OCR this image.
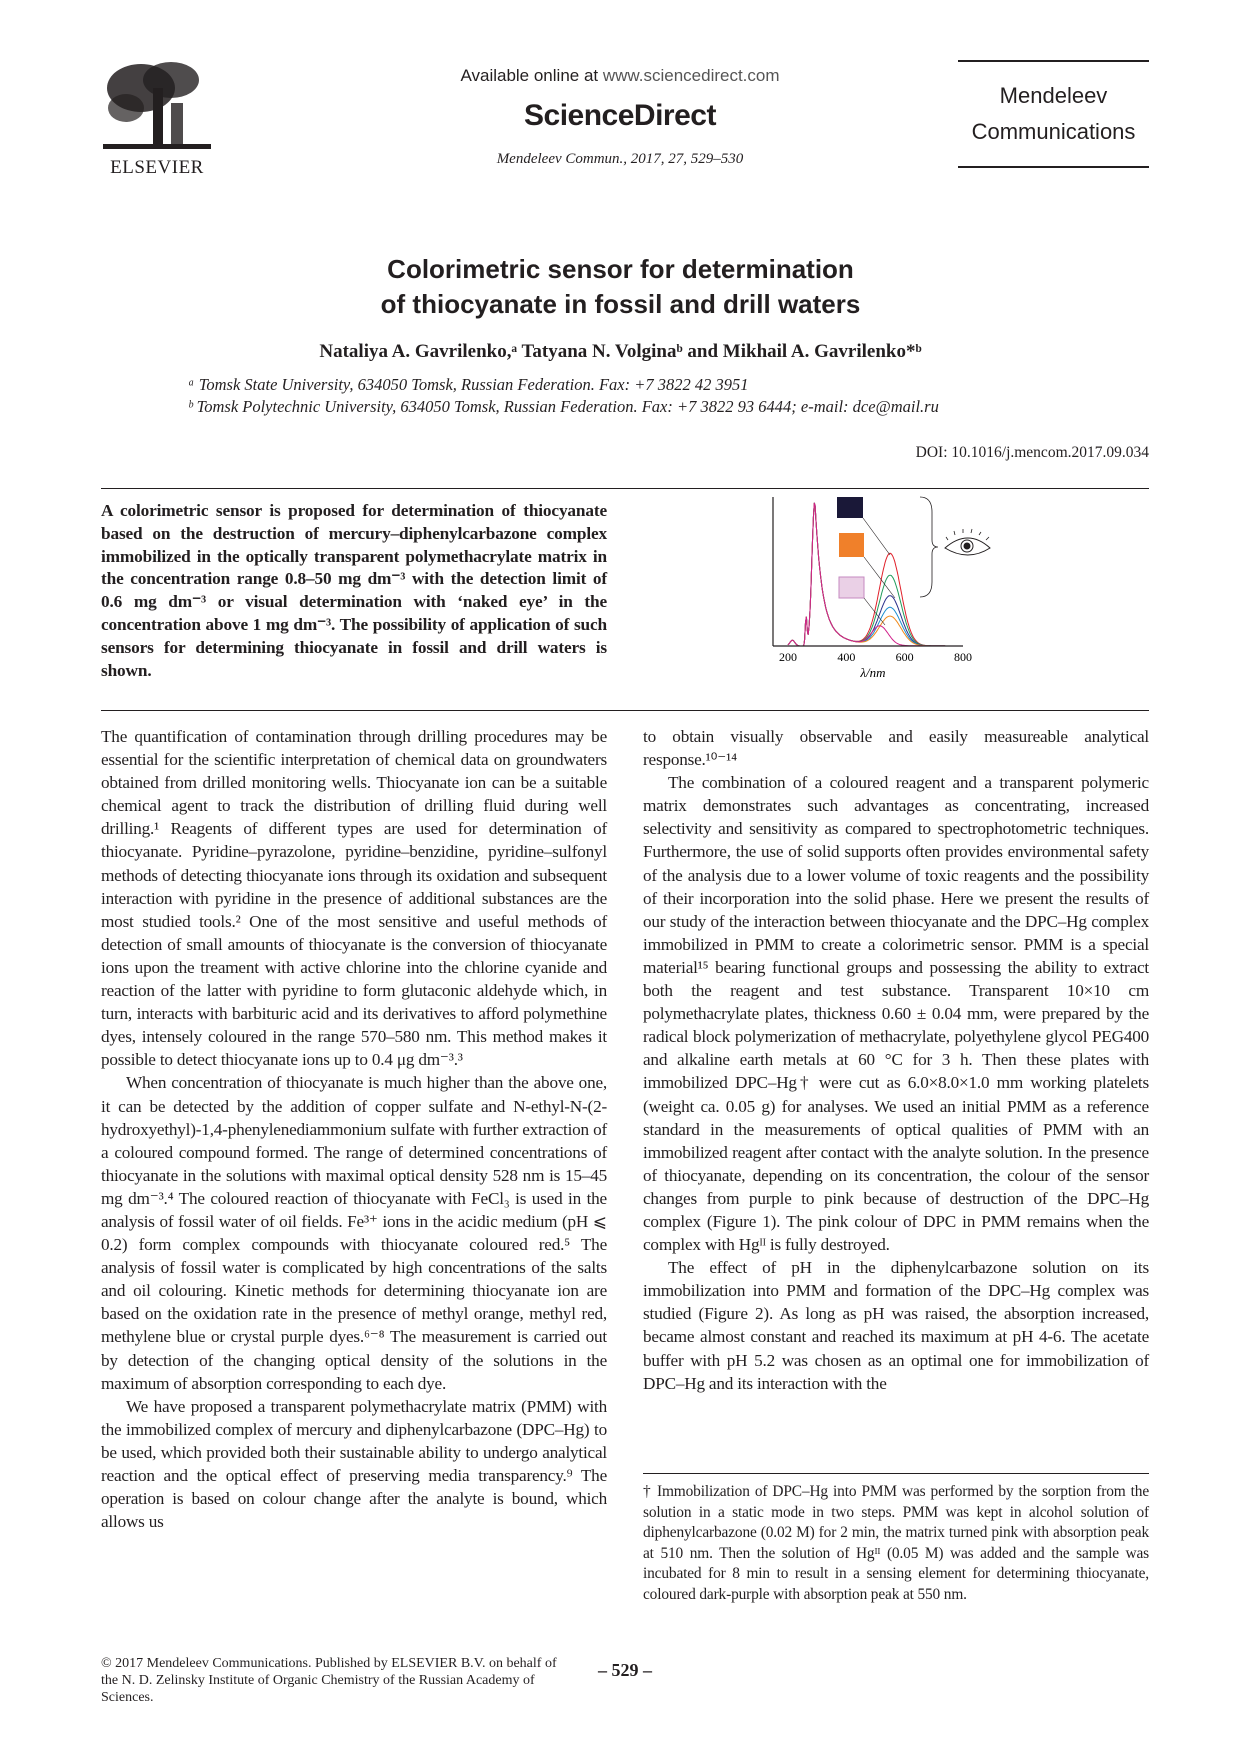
ELSEVIER
Available online at www.sciencedirect.com
ScienceDirect
Mendeleev Commun., 2017, 27, 529–530
Mendeleev
Communications
Colorimetric sensor for determination
of thiocyanate in fossil and drill waters
Nataliya A. Gavrilenko,ᵃ Tatyana N. Volginaᵇ and Mikhail A. Gavrilenko*ᵇ
ᵃ Tomsk State University, 634050 Tomsk, Russian Federation. Fax: +7 3822 42 3951
ᵇ Tomsk Polytechnic University, 634050 Tomsk, Russian Federation. Fax: +7 3822 93 6444; e-mail: dce@mail.ru
DOI: 10.1016/j.mencom.2017.09.034
A colorimetric sensor is proposed for determination of thiocyanate based on the destruction of mercury–diphenylcarbazone complex immobilized in the optically transparent polymethacrylate matrix in the concentration range 0.8–50 mg dm⁻³ with the detection limit of 0.6 mg dm⁻³ or visual determination with ‘naked eye’ in the concentration above 1 mg dm⁻³. The possibility of application of such sensors for determining thiocyanate in fossil and drill waters is shown.
200	400	600	800
λ/nm

The quantification of contamination through drilling procedures may be essential for the scientific interpretation of chemical data on groundwaters obtained from drilled monitoring wells. Thiocyanate ion can be a suitable chemical agent to track the distribution of drilling fluid during well drilling.¹ Reagents of different types are used for determination of thiocyanate. Pyridine–pyrazolone, pyridine–benzidine, pyridine–sulfonyl methods of detecting thiocyanate ions through its oxidation and subsequent interaction with pyridine in the presence of additional substances are the most studied tools.² One of the most sensitive and useful methods of detection of small amounts of thiocyanate is the conversion of thiocyanate ions upon the treament with active chlorine into the chlorine cyanide and reaction of the latter with pyridine to form glutaconic aldehyde which, in turn, interacts with barbituric acid and its derivatives to afford polymethine dyes, intensely coloured in the range 570–580 nm. This method makes it possible to detect thiocyanate ions up to 0.4 μg dm⁻³.³

When concentration of thiocyanate is much higher than the above one, it can be detected by the addition of copper sulfate and N-ethyl-N-(2-hydroxyethyl)-1,4-phenylenediammonium sulfate with further extraction of a coloured compound formed. The range of determined concentrations of thiocyanate in the solutions with maximal optical density 528 nm is 15–45 mg dm⁻³.⁴ The coloured reaction of thiocyanate with FeCl₃ is used in the analysis of fossil water of oil fields. Fe³⁺ ions in the acidic medium (pH ⩽ 0.2) form complex compounds with thiocyanate coloured red.⁵ The analysis of fossil water is complicated by high concentrations of the salts and oil colouring. Kinetic methods for determining thiocyanate ion are based on the oxidation rate in the presence of methyl orange, methyl red, methylene blue or crystal purple dyes.⁶⁻⁸ The measurement is carried out by detection of the changing optical density of the solutions in the maximum of absorption corresponding to each dye.

We have proposed a transparent polymethacrylate matrix (PMM) with the immobilized complex of mercury and diphenylcarbazone (DPC–Hg) to be used, which provided both their sustainable ability to undergo analytical reaction and the optical effect of preserving media transparency.⁹ The operation is based on colour change after the analyte is bound, which allows us

to obtain visually observable and easily measureable analytical response.¹⁰⁻¹⁴

The combination of a coloured reagent and a transparent polymeric matrix demonstrates such advantages as concentrating, increased selectivity and sensitivity as compared to spectrophotometric techniques. Furthermore, the use of solid supports often provides environmental safety of the analysis due to a lower volume of toxic reagents and the possibility of their incorporation into the solid phase. Here we present the results of our study of the interaction between thiocyanate and the DPC–Hg complex immobilized in PMM to create a colorimetric sensor. PMM is a special material¹⁵ bearing functional groups and possessing the ability to extract both the reagent and test substance. Transparent 10×10 cm polymethacrylate plates, thickness 0.60 ± 0.04 mm, were prepared by the radical block polymerization of methacrylate, polyethylene glycol PEG400 and alkaline earth metals at 60 °C for 3 h. Then these plates with immobilized DPC–Hg† were cut as 6.0×8.0×1.0 mm working platelets (weight ca. 0.05 g) for analyses. We used an initial PMM as a reference standard in the measurements of optical qualities of PMM with an immobilized reagent after contact with the analyte solution. In the presence of thiocyanate, depending on its concentration, the colour of the sensor changes from purple to pink because of destruction of the DPC–Hg complex (Figure 1). The pink colour of DPC in PMM remains when the complex with Hgᴵᴵ is fully destroyed.

The effect of pH in the diphenylcarbazone solution on its immobilization into PMM and formation of the DPC–Hg complex was studied (Figure 2). As long as pH was raised, the absorption increased, became almost constant and reached its maximum at pH 4-6. The acetate buffer with pH 5.2 was chosen as an optimal one for immobilization of DPC–Hg and its interaction with the

† Immobilization of DPC–Hg into PMM was performed by the sorption from the solution in a static mode in two steps. PMM was kept in alcohol solution of diphenylcarbazone (0.02 M) for 2 min, the matrix turned pink with absorption peak at 510 nm. Then the solution of Hgᴵᴵ (0.05 M) was added and the sample was incubated for 8 min to result in a sensing element for determining thiocyanate, coloured dark-purple with absorption peak at 550 nm.
© 2017 Mendeleev Communications. Published by ELSEVIER B.V. on behalf of the N. D. Zelinsky Institute of Organic Chemistry of the Russian Academy of Sciences.
– 529 –
